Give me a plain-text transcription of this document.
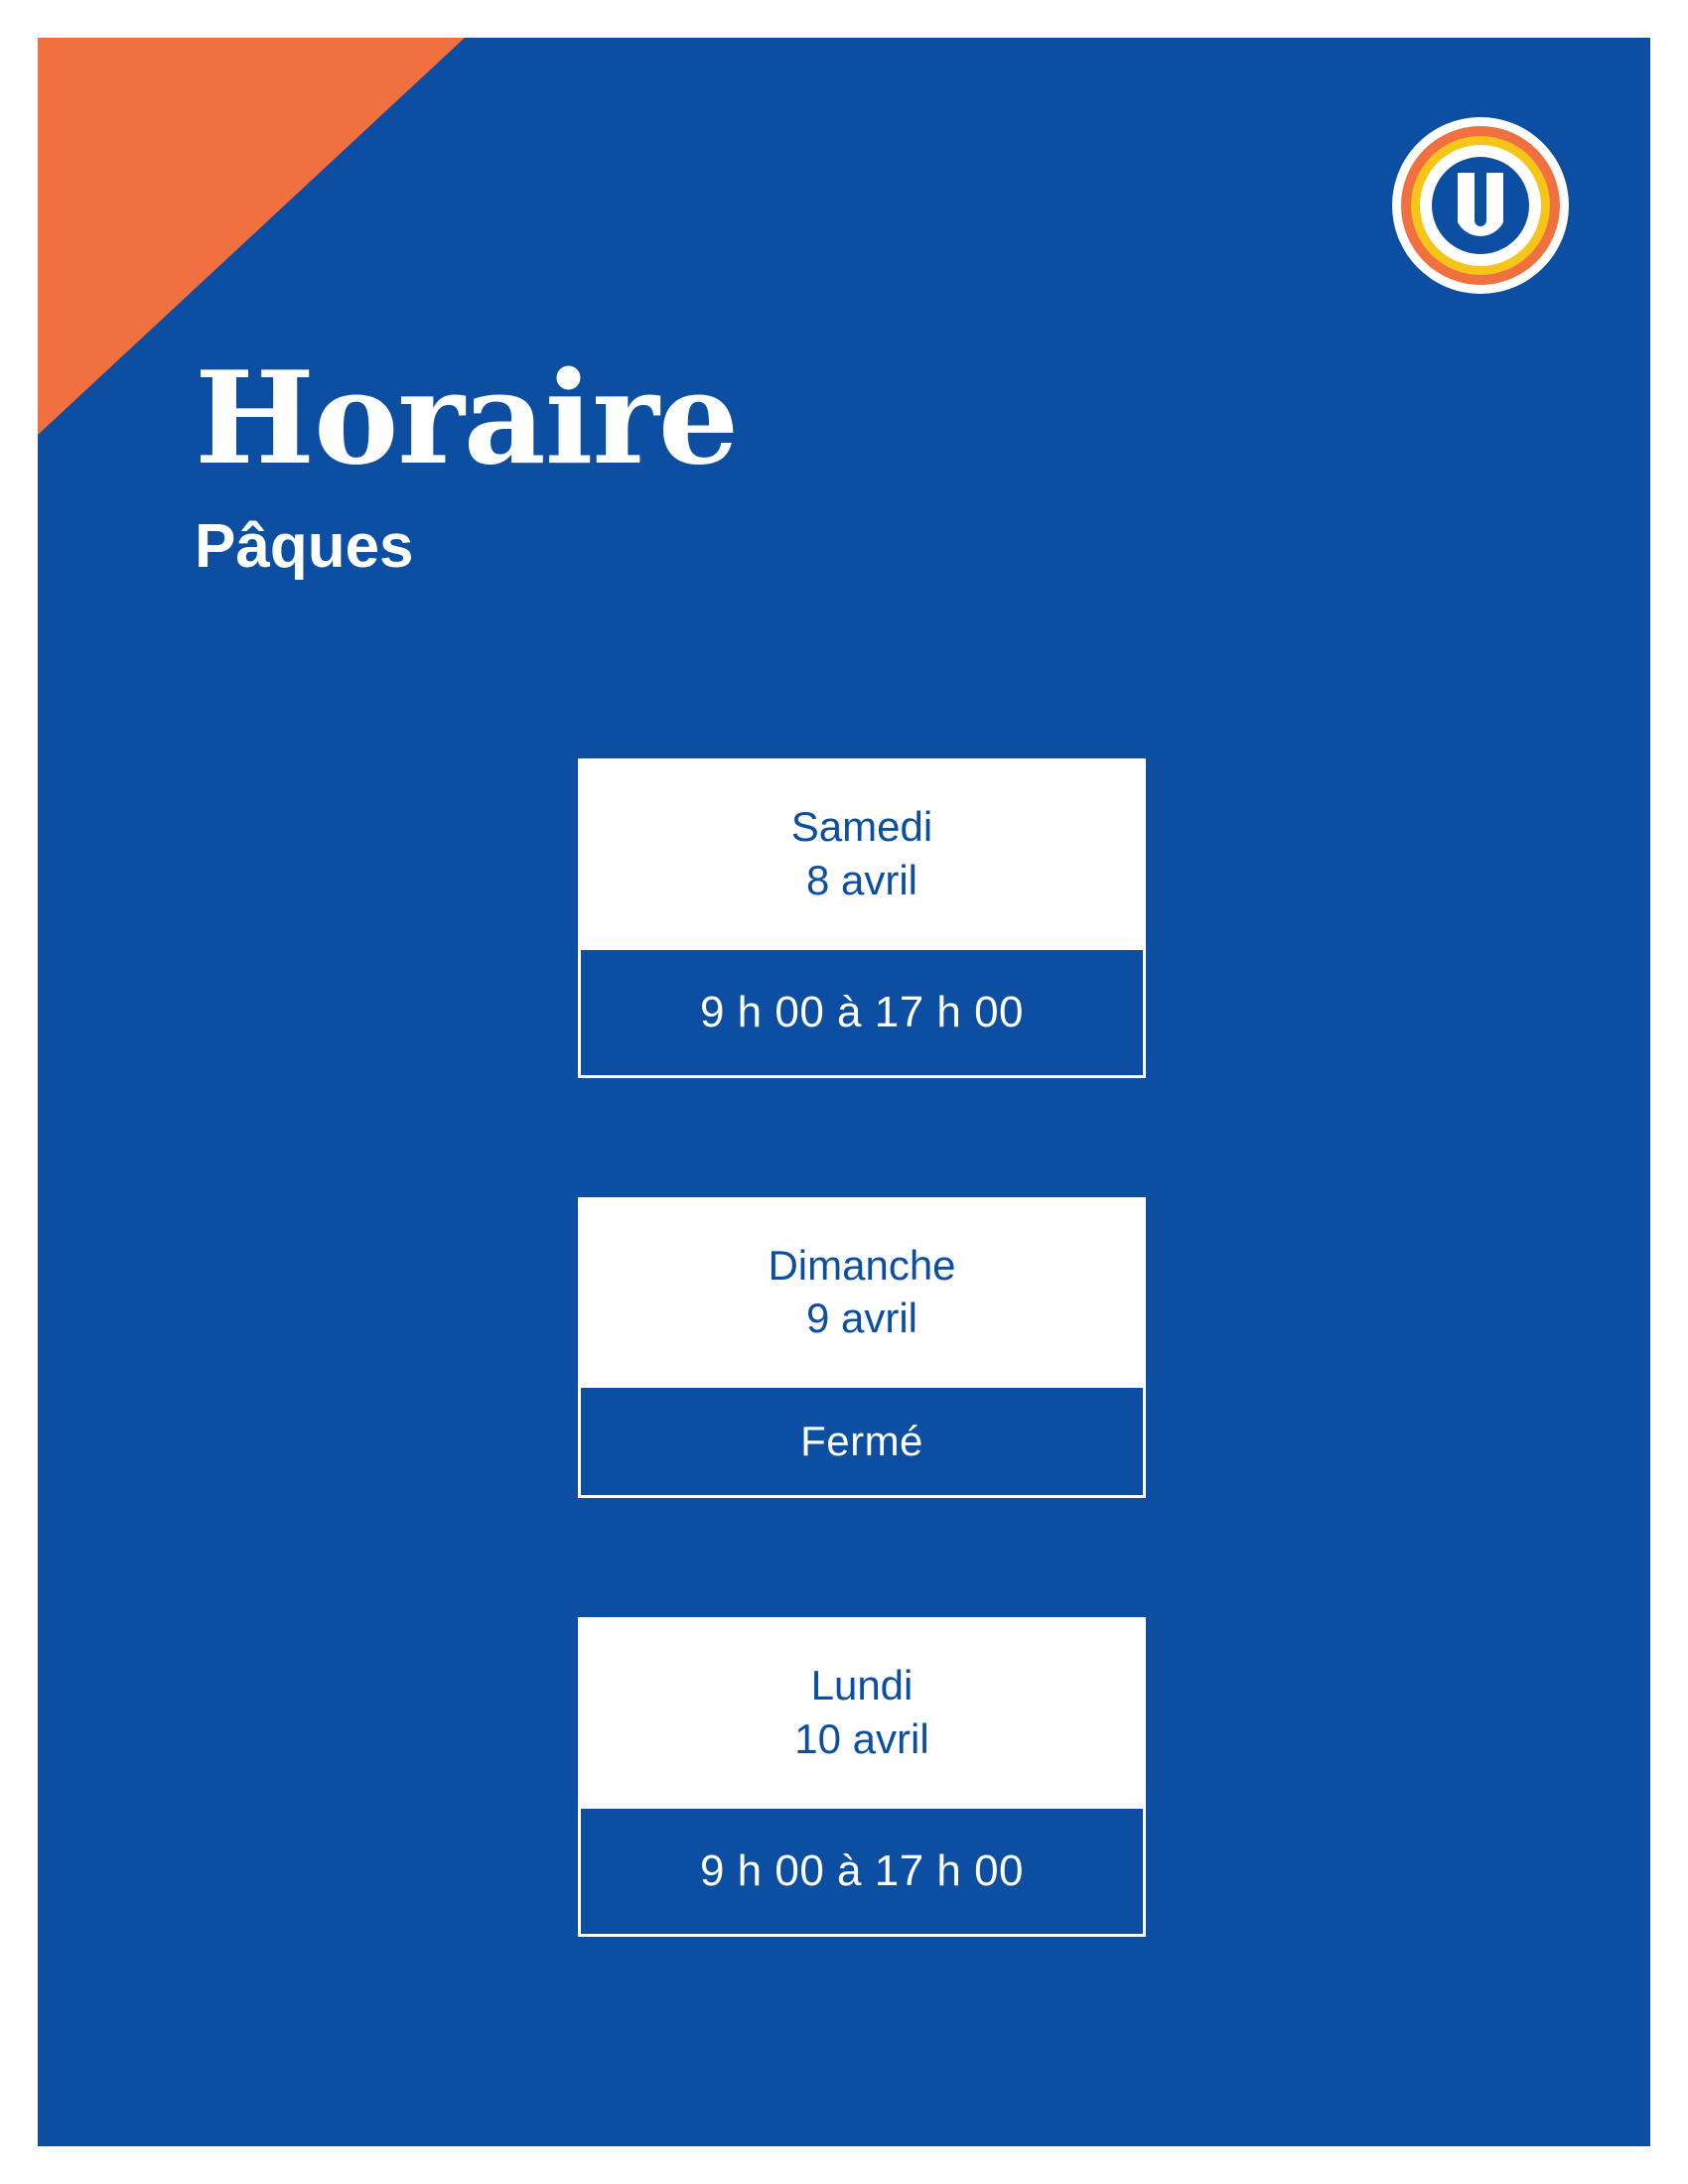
Horaire
Pâques
Samedi
8 avril
9 h 00 à 17 h 00
Dimanche
9 avril
Fermé
Lundi
10 avril
9 h 00 à 17 h 00
